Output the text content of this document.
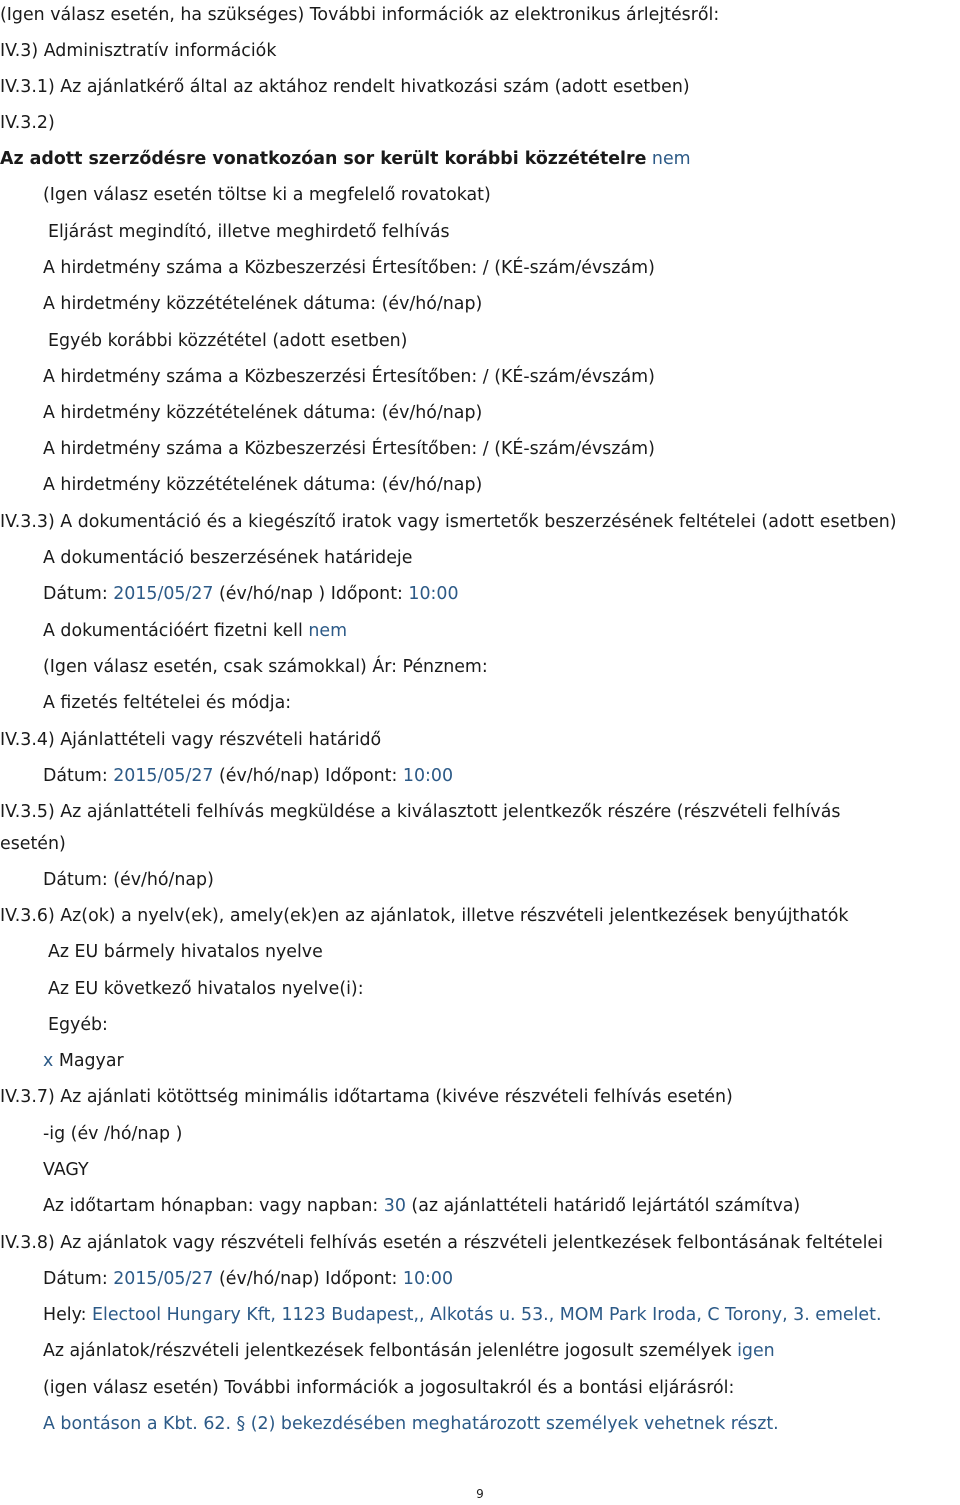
(Igen válasz esetén, ha szükséges) További információk az elektronikus árlejtésről:
IV.3) Adminisztratív információk
IV.3.1) Az ajánlatkérő által az aktához rendelt hivatkozási szám (adott esetben)
IV.3.2)
Az adott szerződésre vonatkozóan sor került korábbi közzétételre nem
(Igen válasz esetén töltse ki a megfelelő rovatokat)
Eljárást megindító, illetve meghirdető felhívás
A hirdetmény száma a Közbeszerzési Értesítőben: / (KÉ-szám/évszám)
A hirdetmény közzétételének dátuma: (év/hó/nap)
Egyéb korábbi közzététel (adott esetben)
A hirdetmény száma a Közbeszerzési Értesítőben: / (KÉ-szám/évszám)
A hirdetmény közzétételének dátuma: (év/hó/nap)
A hirdetmény száma a Közbeszerzési Értesítőben: / (KÉ-szám/évszám)
A hirdetmény közzétételének dátuma: (év/hó/nap)
IV.3.3) A dokumentáció és a kiegészítő iratok vagy ismertetők beszerzésének feltételei (adott esetben)
A dokumentáció beszerzésének határideje
Dátum: 2015/05/27 (év/hó/nap ) Időpont: 10:00
A dokumentációért fizetni kell nem
(Igen válasz esetén, csak számokkal) Ár: Pénznem:
A fizetés feltételei és módja:
IV.3.4) Ajánlattételi vagy részvételi határidő
Dátum: 2015/05/27 (év/hó/nap) Időpont: 10:00
IV.3.5) Az ajánlattételi felhívás megküldése a kiválasztott jelentkezők részére (részvételi felhívás
esetén)
Dátum: (év/hó/nap)
IV.3.6) Az(ok) a nyelv(ek), amely(ek)en az ajánlatok, illetve részvételi jelentkezések benyújthatók
Az EU bármely hivatalos nyelve
Az EU következő hivatalos nyelve(i):
Egyéb:
x Magyar
IV.3.7) Az ajánlati kötöttség minimális időtartama (kivéve részvételi felhívás esetén)
-ig (év /hó/nap )
VAGY
Az időtartam hónapban: vagy napban: 30 (az ajánlattételi határidő lejártától számítva)
IV.3.8) Az ajánlatok vagy részvételi felhívás esetén a részvételi jelentkezések felbontásának feltételei
Dátum: 2015/05/27 (év/hó/nap) Időpont: 10:00
Hely: Electool Hungary Kft, 1123 Budapest,, Alkotás u. 53., MOM Park Iroda, C Torony, 3. emelet.
Az ajánlatok/részvételi jelentkezések felbontásán jelenlétre jogosult személyek igen
(igen válasz esetén) További információk a jogosultakról és a bontási eljárásról:
A bontáson a Kbt. 62. § (2) bekezdésében meghatározott személyek vehetnek részt.
9
